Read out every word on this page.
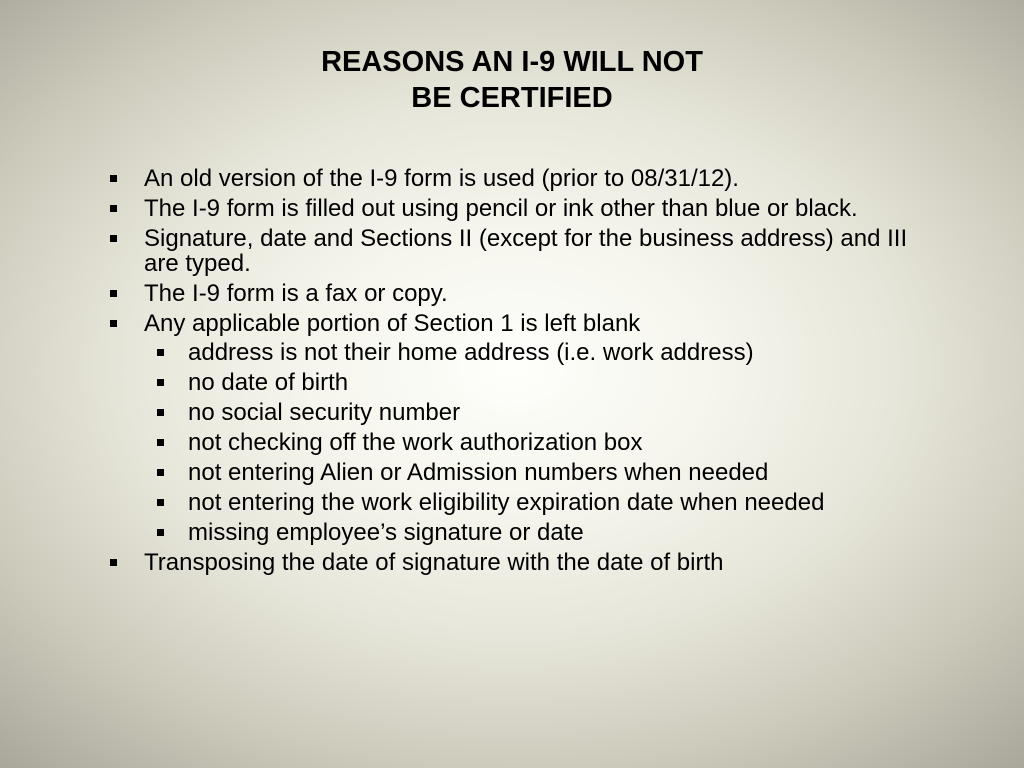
REASONS AN I-9 WILL NOT
BE CERTIFIED
An old version of the I-9 form is used (prior to 08/31/12).
The I-9 form is filled out using pencil or ink other than blue or black.
Signature, date and Sections II (except for the business address) and III are typed.
The I-9 form is a fax or copy.
Any applicable portion of Section 1 is left blank
address is not their home address (i.e. work address)
no date of birth
no social security number
not checking off the work authorization box
not entering Alien or Admission numbers when needed
not entering the work eligibility expiration date when needed
missing employee’s signature or date
Transposing the date of signature with the date of birth
